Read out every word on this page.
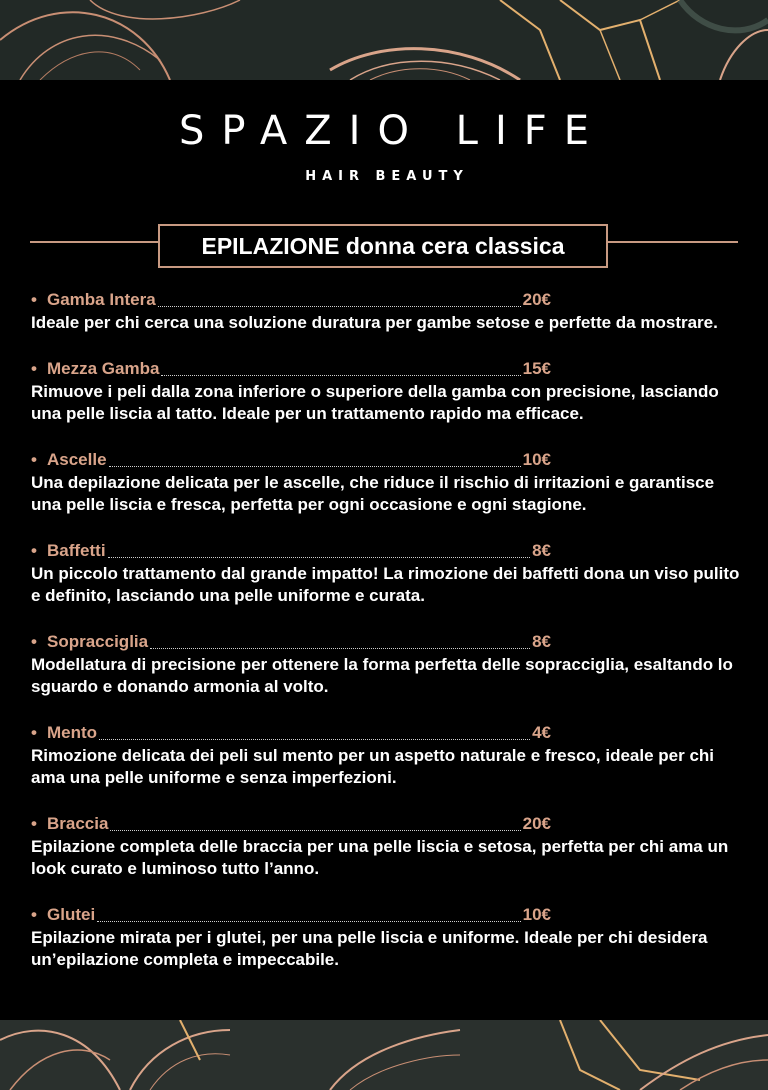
SPAZIO LIFE
HAIR BEAUTY
EPILAZIONE donna cera classica
• Gamba Intera	20€
Ideale per chi cerca una soluzione duratura per gambe setose e perfette da mostrare.
• Mezza Gamba	15€
Rimuove i peli dalla zona inferiore o superiore della gamba con precisione, lasciando una pelle liscia al tatto. Ideale per un trattamento rapido ma efficace.
• Ascelle	10€
Una depilazione delicata per le ascelle, che riduce il rischio di irritazioni e garantisce una pelle liscia e fresca, perfetta per ogni occasione e ogni stagione.
• Baffetti	8€
Un piccolo trattamento dal grande impatto! La rimozione dei baffetti dona un viso pulito e definito, lasciando una pelle uniforme e curata.
• Sopracciglia	8€
Modellatura di precisione per ottenere la forma perfetta delle sopracciglia, esaltando lo sguardo e donando armonia al volto.
• Mento	4€
Rimozione delicata dei peli sul mento per un aspetto naturale e fresco, ideale per chi ama una pelle uniforme e senza imperfezioni.
• Braccia	20€
Epilazione completa delle braccia per una pelle liscia e setosa, perfetta per chi ama un look curato e luminoso tutto l’anno.
• Glutei	10€
Epilazione mirata per i glutei, per una pelle liscia e uniforme. Ideale per chi desidera un’epilazione completa e impeccabile.
